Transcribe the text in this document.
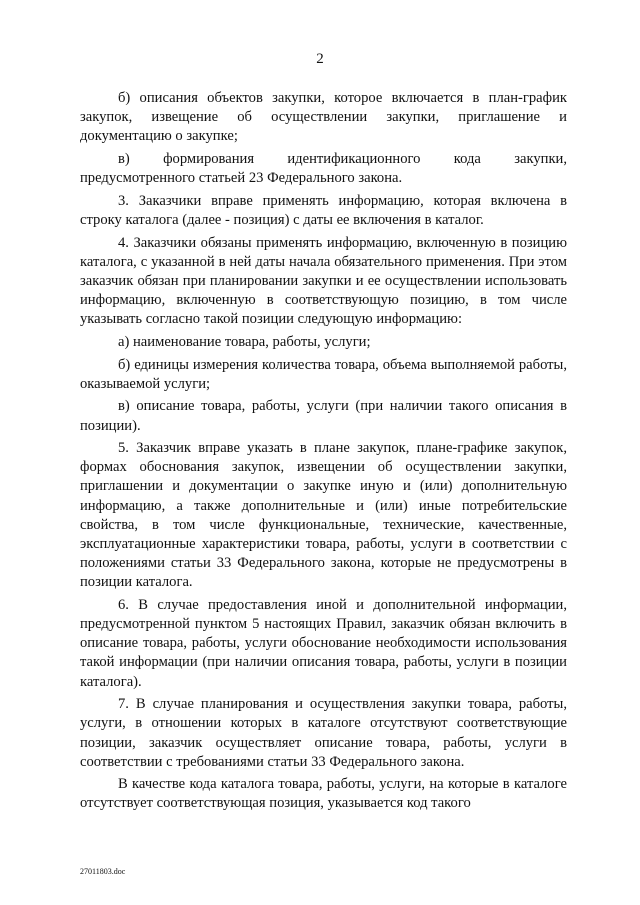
2

б) описания объектов закупки, которое включается в план-график закупок, извещение об осуществлении закупки, приглашение и документацию о закупке;

в) формирования идентификационного кода закупки, предусмотренного статьей 23 Федерального закона.

3. Заказчики вправе применять информацию, которая включена в строку каталога (далее - позиция) с даты ее включения в каталог.

4. Заказчики обязаны применять информацию, включенную в позицию каталога, с указанной в ней даты начала обязательного применения. При этом заказчик обязан при планировании закупки и ее осуществлении использовать информацию, включенную в соответствующую позицию, в том числе указывать согласно такой позиции следующую информацию:

а) наименование товара, работы, услуги;

б) единицы измерения количества товара, объема выполняемой работы, оказываемой услуги;

в) описание товара, работы, услуги (при наличии такого описания в позиции).

5. Заказчик вправе указать в плане закупок, плане-графике закупок, формах обоснования закупок, извещении об осуществлении закупки, приглашении и документации о закупке иную и (или) дополнительную информацию, а также дополнительные и (или) иные потребительские свойства, в том числе функциональные, технические, качественные, эксплуатационные характеристики товара, работы, услуги в соответствии с положениями статьи 33 Федерального закона, которые не предусмотрены в позиции каталога.

6. В случае предоставления иной и дополнительной информации, предусмотренной пунктом 5 настоящих Правил, заказчик обязан включить в описание товара, работы, услуги обоснование необходимости использования такой информации (при наличии описания товара, работы, услуги в позиции каталога).

7. В случае планирования и осуществления закупки товара, работы, услуги, в отношении которых в каталоге отсутствуют соответствующие позиции, заказчик осуществляет описание товара, работы, услуги в соответствии с требованиями статьи 33 Федерального закона.

В качестве кода каталога товара, работы, услуги, на которые в каталоге отсутствует соответствующая позиция, указывается код такого

27011803.doc
